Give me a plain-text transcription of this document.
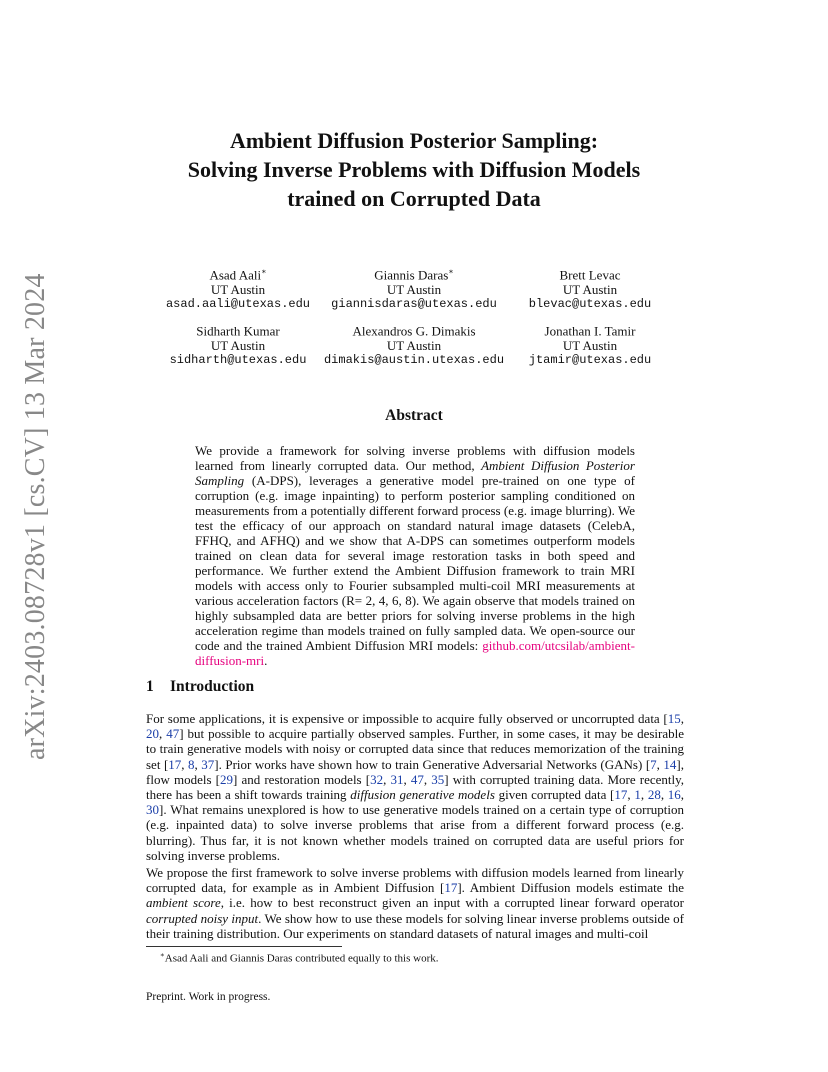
arXiv:2403.08728v1 [cs.CV] 13 Mar 2024
Ambient Diffusion Posterior Sampling:
Solving Inverse Problems with Diffusion Models
trained on Corrupted Data
Asad Aali∗
UT Austin
asad.aali@utexas.edu
Giannis Daras∗
UT Austin
giannisdaras@utexas.edu
Brett Levac
UT Austin
blevac@utexas.edu
Sidharth Kumar
UT Austin
sidharth@utexas.edu
Alexandros G. Dimakis
UT Austin
dimakis@austin.utexas.edu
Jonathan I. Tamir
UT Austin
jtamir@utexas.edu
Abstract
We provide a framework for solving inverse problems with diffusion models learned from linearly corrupted data. Our method, Ambient Diffusion Posterior Sampling (A-DPS), leverages a generative model pre-trained on one type of corruption (e.g. image inpainting) to perform posterior sampling conditioned on measurements from a potentially different forward process (e.g. image blurring). We test the efficacy of our approach on standard natural image datasets (CelebA, FFHQ, and AFHQ) and we show that A-DPS can sometimes outperform models trained on clean data for several image restoration tasks in both speed and performance. We further extend the Ambient Diffusion framework to train MRI models with access only to Fourier subsampled multi-coil MRI measurements at various acceleration factors (R= 2, 4, 6, 8). We again observe that models trained on highly subsampled data are better priors for solving inverse problems in the high acceleration regime than models trained on fully sampled data. We open-source our code and the trained Ambient Diffusion MRI models: github.com/utcsilab/ambient-diffusion-mri.
1 Introduction
For some applications, it is expensive or impossible to acquire fully observed or uncorrupted data [15, 20, 47] but possible to acquire partially observed samples. Further, in some cases, it may be desirable to train generative models with noisy or corrupted data since that reduces memorization of the training set [17, 8, 37]. Prior works have shown how to train Generative Adversarial Networks (GANs) [7, 14], flow models [29] and restoration models [32, 31, 47, 35] with corrupted training data. More recently, there has been a shift towards training diffusion generative models given corrupted data [17, 1, 28, 16, 30]. What remains unexplored is how to use generative models trained on a certain type of corruption (e.g. inpainted data) to solve inverse problems that arise from a different forward process (e.g. blurring). Thus far, it is not known whether models trained on corrupted data are useful priors for solving inverse problems.
We propose the first framework to solve inverse problems with diffusion models learned from linearly corrupted data, for example as in Ambient Diffusion [17]. Ambient Diffusion models estimate the ambient score, i.e. how to best reconstruct given an input with a corrupted linear forward operator corrupted noisy input. We show how to use these models for solving linear inverse problems outside of their training distribution. Our experiments on standard datasets of natural images and multi-coil
∗Asad Aali and Giannis Daras contributed equally to this work.
Preprint. Work in progress.
